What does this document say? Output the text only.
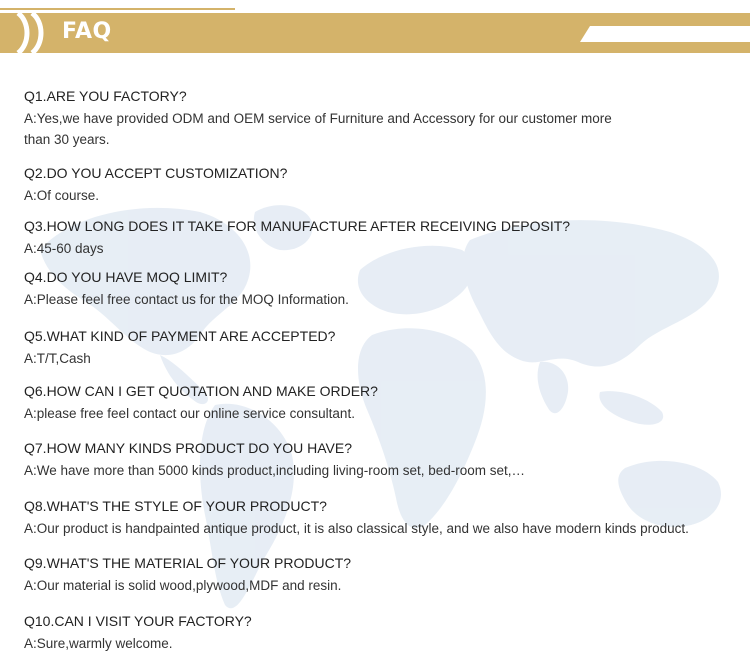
FAQ
Q1.ARE YOU FACTORY?
A:Yes,we have provided ODM and OEM service of Furniture and Accessory for our customer more than 30 years.
Q2.DO YOU ACCEPT CUSTOMIZATION?
A:Of course.
Q3.HOW LONG DOES IT TAKE FOR MANUFACTURE AFTER RECEIVING DEPOSIT?
A:45-60 days
Q4.DO YOU HAVE MOQ LIMIT?
A:Please feel free contact us for the MOQ Information.
Q5.WHAT KIND OF PAYMENT ARE ACCEPTED?
A:T/T,Cash
Q6.HOW CAN I GET QUOTATION AND MAKE ORDER?
A:please free feel contact our online service consultant.
Q7.HOW MANY KINDS PRODUCT DO YOU HAVE?
A:We have more than 5000 kinds product,including living-room set, bed-room set,…
Q8.WHAT'S THE STYLE OF YOUR PRODUCT?
A:Our product is handpainted antique product, it is also classical style, and we also have modern kinds product.
Q9.WHAT'S THE MATERIAL OF YOUR PRODUCT?
A:Our material is solid wood,plywood,MDF and resin.
Q10.CAN I VISIT YOUR FACTORY?
A:Sure,warmly welcome.
